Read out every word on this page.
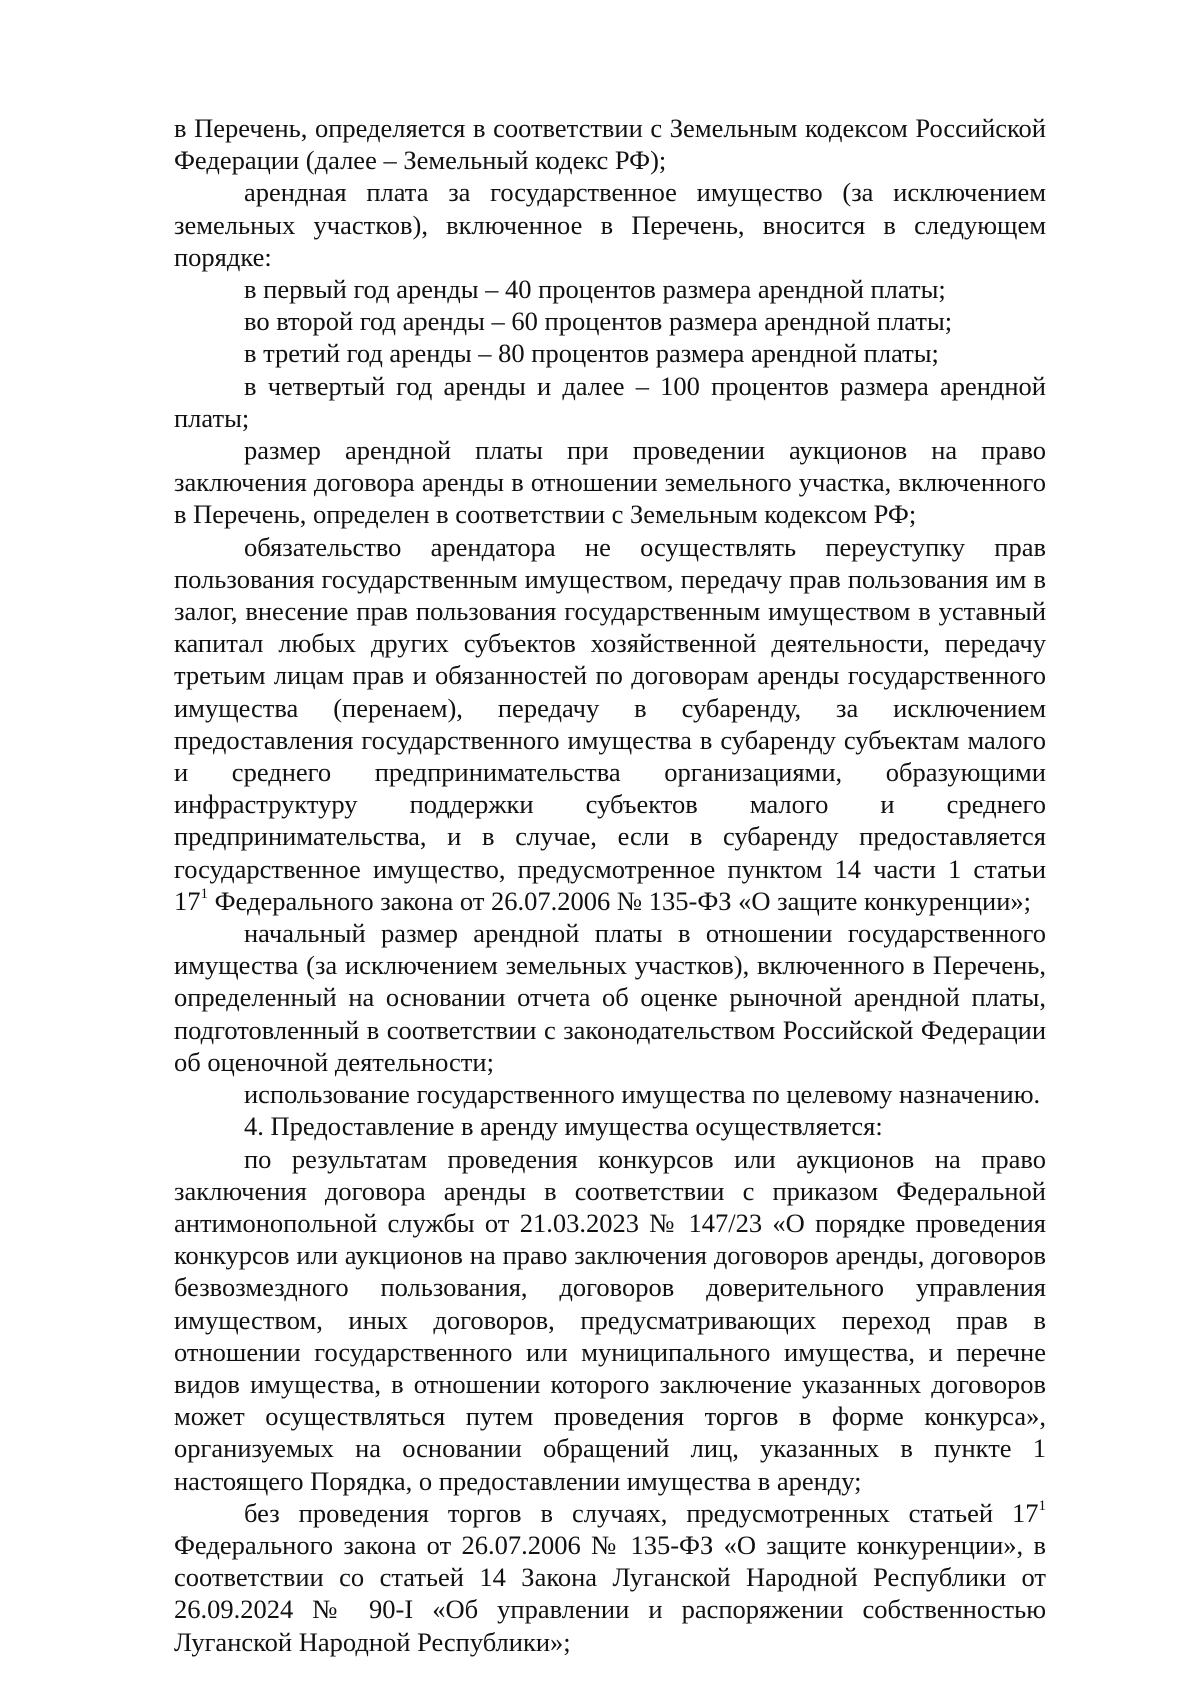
в Перечень, определяется в соответствии с Земельным кодексом Российской Федерации (далее – Земельный кодекс РФ);

арендная плата за государственное имущество (за исключением земельных участков), включенное в Перечень, вносится в следующем порядке:

в первый год аренды – 40 процентов размера арендной платы;

во второй год аренды – 60 процентов размера арендной платы;

в третий год аренды – 80 процентов размера арендной платы;

в четвертый год аренды и далее – 100 процентов размера арендной платы;

размер арендной платы при проведении аукционов на право заключения договора аренды в отношении земельного участка, включенного в Перечень, определен в соответствии с Земельным кодексом РФ;

обязательство арендатора не осуществлять переуступку прав пользования государственным имуществом, передачу прав пользования им в залог, внесение прав пользования государственным имуществом в уставный капитал любых других субъектов хозяйственной деятельности, передачу третьим лицам прав и обязанностей по договорам аренды государственного имущества (перенаем), передачу в субаренду, за исключением предоставления государственного имущества в субаренду субъектам малого и среднего предпринимательства организациями, образующими инфраструктуру поддержки субъектов малого и среднего предпринимательства, и в случае, если в субаренду предоставляется государственное имущество, предусмотренное пунктом 14 части 1 статьи $17^1$ Федерального закона от 26.07.2006 № 135-ФЗ «О защите конкуренции»;

начальный размер арендной платы в отношении государственного имущества (за исключением земельных участков), включенного в Перечень, определенный на основании отчета об оценке рыночной арендной платы, подготовленный в соответствии с законодательством Российской Федерации об оценочной деятельности;

использование государственного имущества по целевому назначению.

4. Предоставление в аренду имущества осуществляется:

по результатам проведения конкурсов или аукционов на право заключения договора аренды в соответствии с приказом Федеральной антимонопольной службы от 21.03.2023 № 147/23 «О порядке проведения конкурсов или аукционов на право заключения договоров аренды, договоров безвозмездного пользования, договоров доверительного управления имуществом, иных договоров, предусматривающих переход прав в отношении государственного или муниципального имущества, и перечне видов имущества, в отношении которого заключение указанных договоров может осуществляться путем проведения торгов в форме конкурса», организуемых на основании обращений лиц, указанных в пункте 1 настоящего Порядка, о предоставлении имущества в аренду;

без проведения торгов в случаях, предусмотренных статьей $17^1$ Федерального закона от 26.07.2006 № 135-ФЗ «О защите конкуренции», в соответствии со статьей 14 Закона Луганской Народной Республики от 26.09.2024 № 90-I «Об управлении и распоряжении собственностью Луганской Народной Республики»;
